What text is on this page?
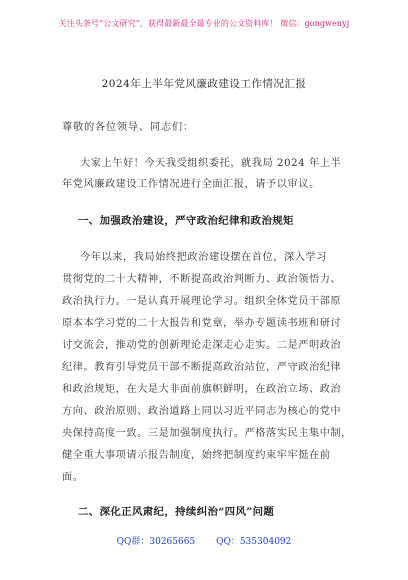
关注头条号“公文研究”，获得最新最全最专业的公文资料库！ 微信：gongwenyj
2024年上半年党风廉政建设工作情况汇报
尊敬的各位领导、同志们：
大家上午好！今天我受组织委托，就我局 2024 年上半
年党风廉政建设工作情况进行全面汇报，请予以审议。
一、加强政治建设，严守政治纪律和政治规矩
今年以来，我局始终把政治建设摆在首位，深入学习
贯彻党的二十大精神，不断提高政治判断力、政治领悟力、
政治执行力。一是认真开展理论学习。组织全体党员干部原
原本本学习党的二十大报告和党章，举办专题读书班和研讨
讨交流会，推动党的创新理论走深走心走实。二是严明政治
纪律。教育引导党员干部不断提高政治站位，严守政治纪律
和政治规矩，在大是大非面前旗帜鲜明，在政治立场、政治
方向、政治原则、政治道路上同以习近平同志为核心的党中
央保持高度一致。三是加强制度执行。严格落实民主集中制，
健全重大事项请示报告制度，始终把制度约束牢牢挺在前
面。
二、深化正风肃纪，持续纠治“四风”问题
QQ群：30265665 QQ：535304092
